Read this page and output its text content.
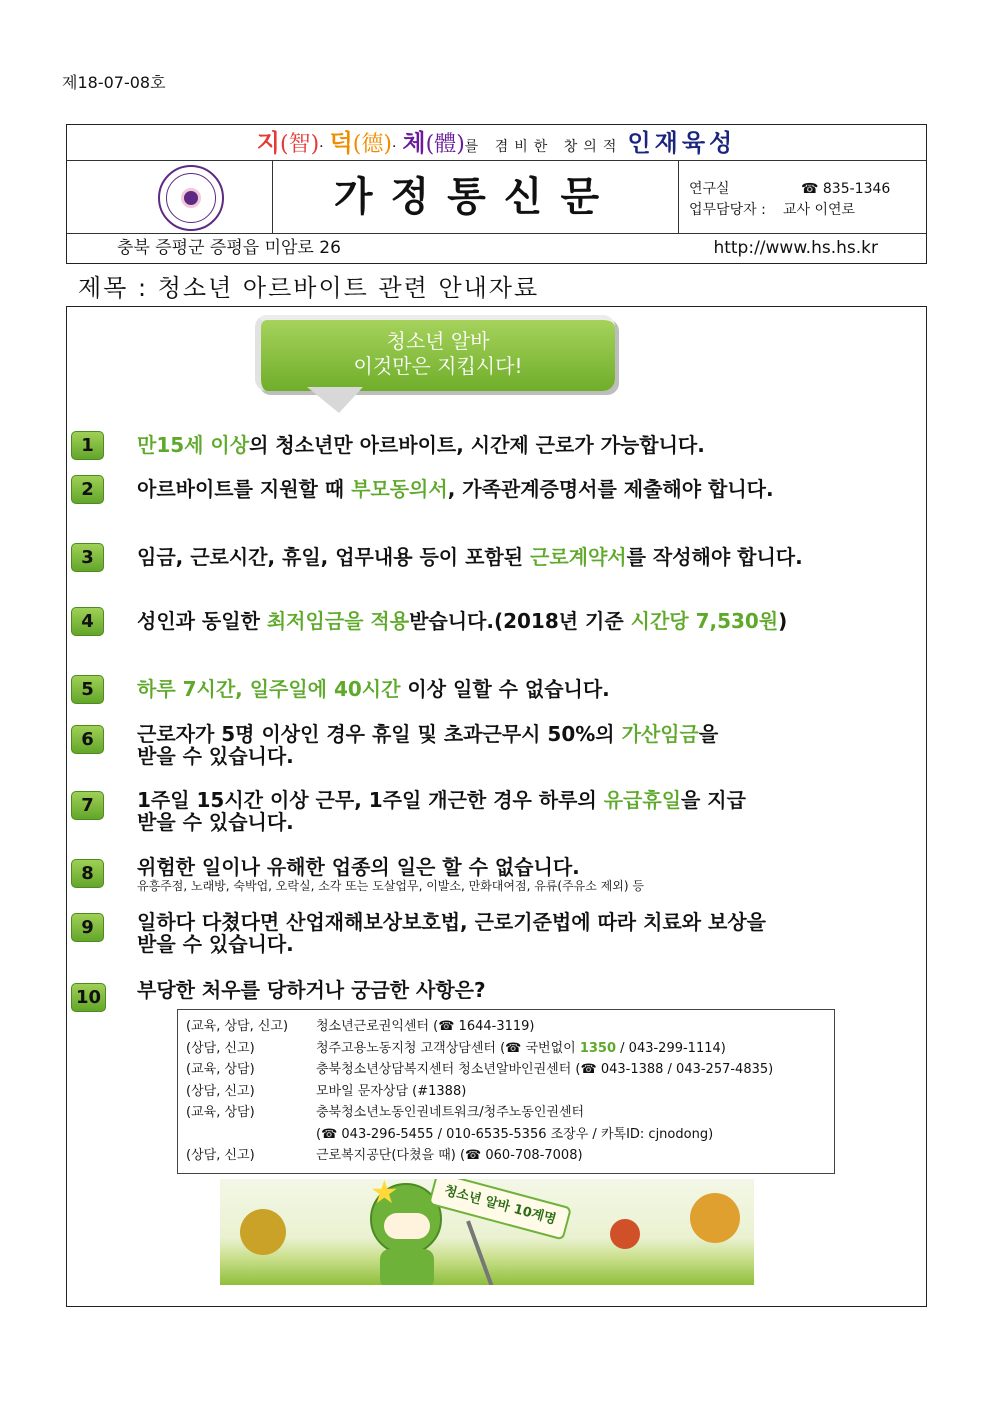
제18-07-08호
지(智)·덕(德)·체(體)를 겸비한 창의적 인재육성
가정통신문	연구실	☎ 835-1346
업무담당자 : 교사 이연로
충북 증평군 증평읍 미암로 26	http://www.hs.hs.kr
제목 : 청소년 아르바이트 관련 안내자료
청소년 알바
이것만은 지킵시다!
1	만15세 이상의 청소년만 아르바이트, 시간제 근로가 가능합니다.
2	아르바이트를 지원할 때 부모동의서, 가족관계증명서를 제출해야 합니다.
3	임금, 근로시간, 휴일, 업무내용 등이 포함된 근로계약서를 작성해야 합니다.
4	성인과 동일한 최저임금을 적용받습니다.(2018년 기준 시간당 7,530원)
5	하루 7시간, 일주일에 40시간 이상 일할 수 없습니다.
6	근로자가 5명 이상인 경우 휴일 및 초과근무시 50%의 가산임금을
받을 수 있습니다.
7	1주일 15시간 이상 근무, 1주일 개근한 경우 하루의 유급휴일을 지급
받을 수 있습니다.
8	위험한 일이나 유해한 업종의 일은 할 수 없습니다.
유흥주점, 노래방, 숙박업, 오락실, 소각 또는 도살업무, 이발소, 만화대여점, 유류(주유소 제외) 등
9	일하다 다쳤다면 산업재해보상보호법, 근로기준법에 따라 치료와 보상을
받을 수 있습니다.
10 부당한 처우를 당하거나 궁금한 사항은?
(교육, 상담, 신고) 청소년근로권익센터 (☎ 1644-3119)
(상담, 신고)	청주고용노동지청 고객상담센터 (☎ 국번없이 1350 / 043-299-1114)
(교육, 상담)	충북청소년상담복지센터 청소년알바인권센터 (☎ 043-1388 / 043-257-4835)
(상담, 신고)	모바일 문자상담 (#1388)
(교육, 상담)	충북청소년노동인권네트워크/청주노동인권센터
(☎ 043-296-5455 / 010-6535-5356 조장우 / 카톡ID: cjnodong)
(상담, 신고)	근로복지공단(다쳤을 때) (☎ 060-708-7008)
★	청소년 알바 10계명
